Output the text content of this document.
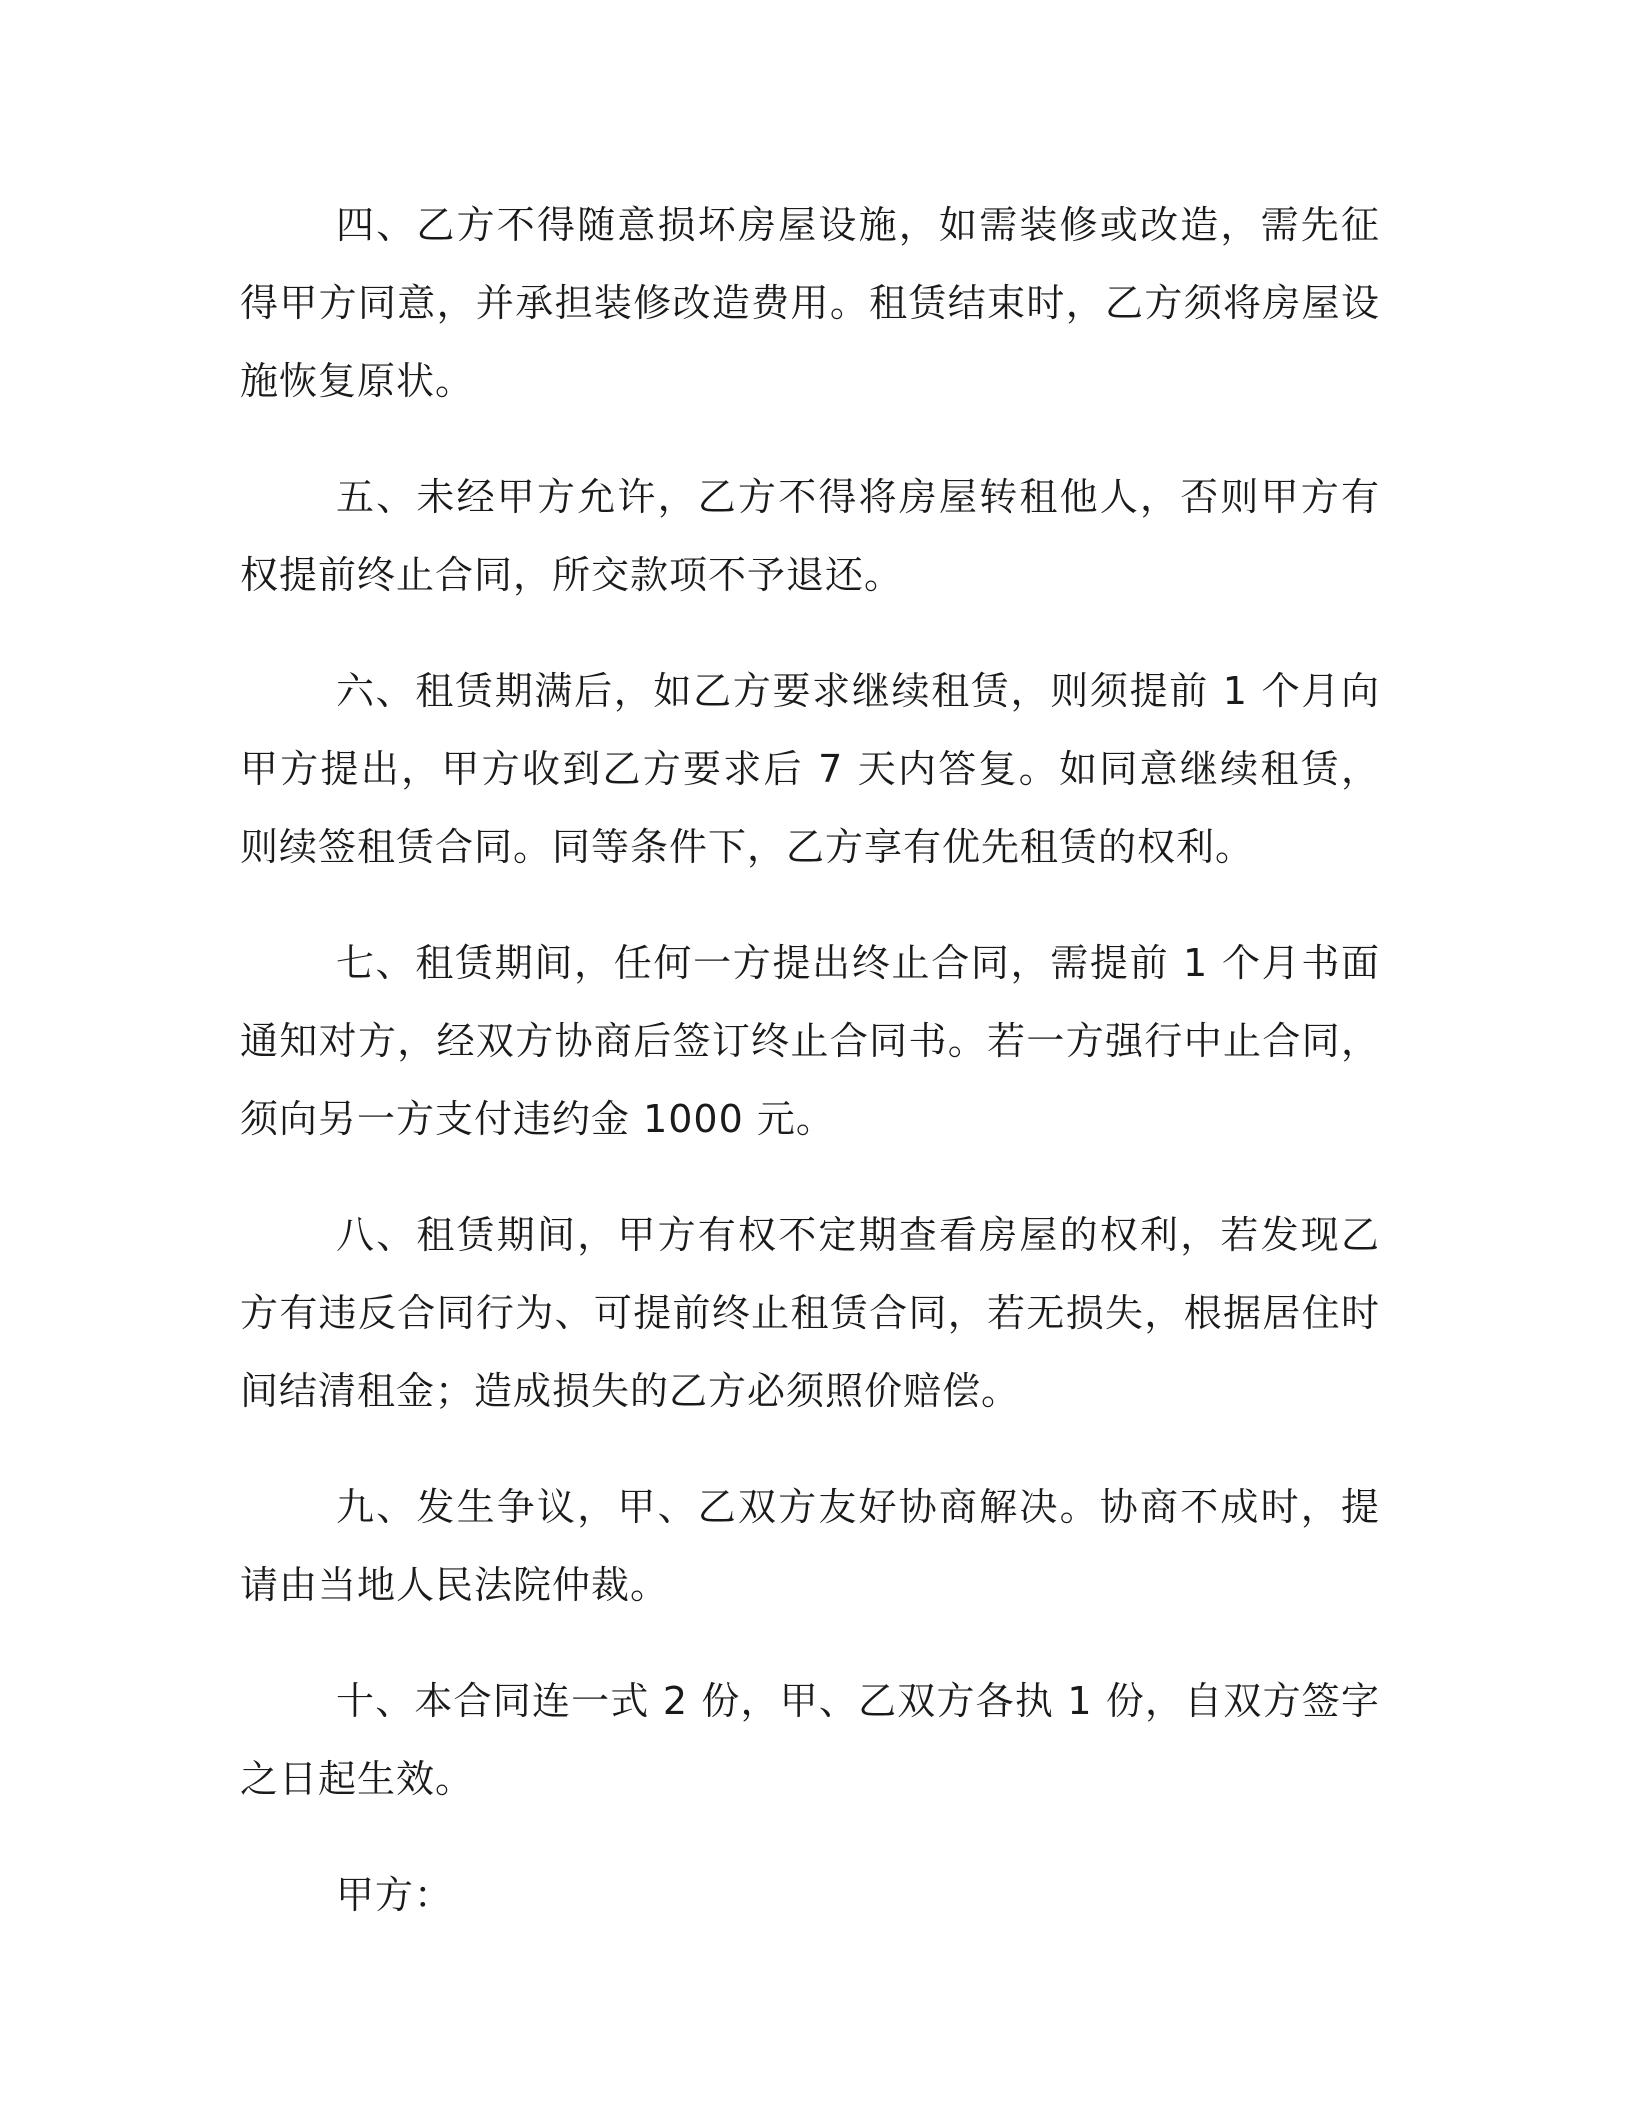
四、乙方不得随意损坏房屋设施，如需装修或改造，需先征得甲方同意，并承担装修改造费用。租赁结束时，乙方须将房屋设施恢复原状。

五、未经甲方允许，乙方不得将房屋转租他人，否则甲方有权提前终止合同，所交款项不予退还。

六、租赁期满后，如乙方要求继续租赁，则须提前 1 个月向甲方提出，甲方收到乙方要求后 7 天内答复。如同意继续租赁，则续签租赁合同。同等条件下，乙方享有优先租赁的权利。

七、租赁期间，任何一方提出终止合同，需提前 1 个月书面通知对方，经双方协商后签订终止合同书。若一方强行中止合同，须向另一方支付违约金 1000 元。

八、租赁期间，甲方有权不定期查看房屋的权利，若发现乙方有违反合同行为、可提前终止租赁合同，若无损失，根据居住时间结清租金；造成损失的乙方必须照价赔偿。

九、发生争议，甲、乙双方友好协商解决。协商不成时，提请由当地人民法院仲裁。

十、本合同连一式 2 份，甲、乙双方各执 1 份，自双方签字之日起生效。

甲方：
